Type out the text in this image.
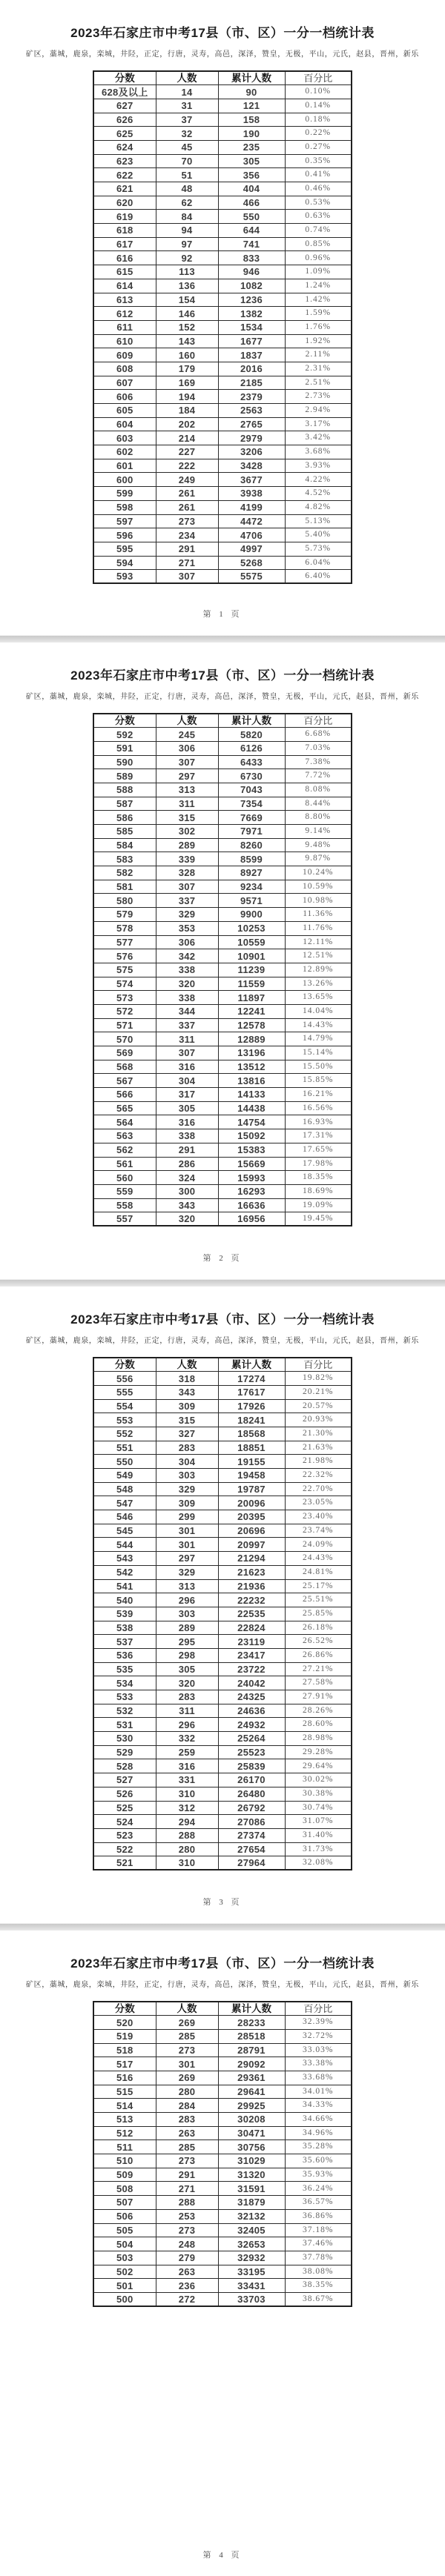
2023年石家庄市中考17县（市、区）一分一档统计表
矿区，藁城，鹿泉，栾城，井陉，正定，行唐，灵寿，高邑，深泽，赞皇，无极，平山，元氏，赵县，晋州，新乐
分数	人数	累计人数	百分比
628及以上	14	90	0.10%
627	31	121	0.14%
626	37	158	0.18%
625	32	190	0.22%
624	45	235	0.27%
623	70	305	0.35%
622	51	356	0.41%
621	48	404	0.46%
620	62	466	0.53%
619	84	550	0.63%
618	94	644	0.74%
617	97	741	0.85%
616	92	833	0.96%
615	113	946	1.09%
614	136	1082	1.24%
613	154	1236	1.42%
612	146	1382	1.59%
611	152	1534	1.76%
610	143	1677	1.92%
609	160	1837	2.11%
608	179	2016	2.31%
607	169	2185	2.51%
606	194	2379	2.73%
605	184	2563	2.94%
604	202	2765	3.17%
603	214	2979	3.42%
602	227	3206	3.68%
601	222	3428	3.93%
600	249	3677	4.22%
599	261	3938	4.52%
598	261	4199	4.82%
597	273	4472	5.13%
596	234	4706	5.40%
595	291	4997	5.73%
594	271	5268	6.04%
593	307	5575	6.40%
第 1 页
2023年石家庄市中考17县（市、区）一分一档统计表
矿区，藁城，鹿泉，栾城，井陉，正定，行唐，灵寿，高邑，深泽，赞皇，无极，平山，元氏，赵县，晋州，新乐
分数	人数	累计人数	百分比
592	245	5820	6.68%
591	306	6126	7.03%
590	307	6433	7.38%
589	297	6730	7.72%
588	313	7043	8.08%
587	311	7354	8.44%
586	315	7669	8.80%
585	302	7971	9.14%
584	289	8260	9.48%
583	339	8599	9.87%
582	328	8927	10.24%
581	307	9234	10.59%
580	337	9571	10.98%
579	329	9900	11.36%
578	353	10253	11.76%
577	306	10559	12.11%
576	342	10901	12.51%
575	338	11239	12.89%
574	320	11559	13.26%
573	338	11897	13.65%
572	344	12241	14.04%
571	337	12578	14.43%
570	311	12889	14.79%
569	307	13196	15.14%
568	316	13512	15.50%
567	304	13816	15.85%
566	317	14133	16.21%
565	305	14438	16.56%
564	316	14754	16.93%
563	338	15092	17.31%
562	291	15383	17.65%
561	286	15669	17.98%
560	324	15993	18.35%
559	300	16293	18.69%
558	343	16636	19.09%
557	320	16956	19.45%
第 2 页
2023年石家庄市中考17县（市、区）一分一档统计表
矿区，藁城，鹿泉，栾城，井陉，正定，行唐，灵寿，高邑，深泽，赞皇，无极，平山，元氏，赵县，晋州，新乐
分数	人数	累计人数	百分比
556	318	17274	19.82%
555	343	17617	20.21%
554	309	17926	20.57%
553	315	18241	20.93%
552	327	18568	21.30%
551	283	18851	21.63%
550	304	19155	21.98%
549	303	19458	22.32%
548	329	19787	22.70%
547	309	20096	23.05%
546	299	20395	23.40%
545	301	20696	23.74%
544	301	20997	24.09%
543	297	21294	24.43%
542	329	21623	24.81%
541	313	21936	25.17%
540	296	22232	25.51%
539	303	22535	25.85%
538	289	22824	26.18%
537	295	23119	26.52%
536	298	23417	26.86%
535	305	23722	27.21%
534	320	24042	27.58%
533	283	24325	27.91%
532	311	24636	28.26%
531	296	24932	28.60%
530	332	25264	28.98%
529	259	25523	29.28%
528	316	25839	29.64%
527	331	26170	30.02%
526	310	26480	30.38%
525	312	26792	30.74%
524	294	27086	31.07%
523	288	27374	31.40%
522	280	27654	31.73%
521	310	27964	32.08%
第 3 页
2023年石家庄市中考17县（市、区）一分一档统计表
矿区，藁城，鹿泉，栾城，井陉，正定，行唐，灵寿，高邑，深泽，赞皇，无极，平山，元氏，赵县，晋州，新乐
分数	人数	累计人数	百分比
520	269	28233	32.39%
519	285	28518	32.72%
518	273	28791	33.03%
517	301	29092	33.38%
516	269	29361	33.68%
515	280	29641	34.01%
514	284	29925	34.33%
513	283	30208	34.66%
512	263	30471	34.96%
511	285	30756	35.28%
510	273	31029	35.60%
509	291	31320	35.93%
508	271	31591	36.24%
507	288	31879	36.57%
506	253	32132	36.86%
505	273	32405	37.18%
504	248	32653	37.46%
503	279	32932	37.78%
502	263	33195	38.08%
501	236	33431	38.35%
500	272	33703	38.67%
第 4 页
